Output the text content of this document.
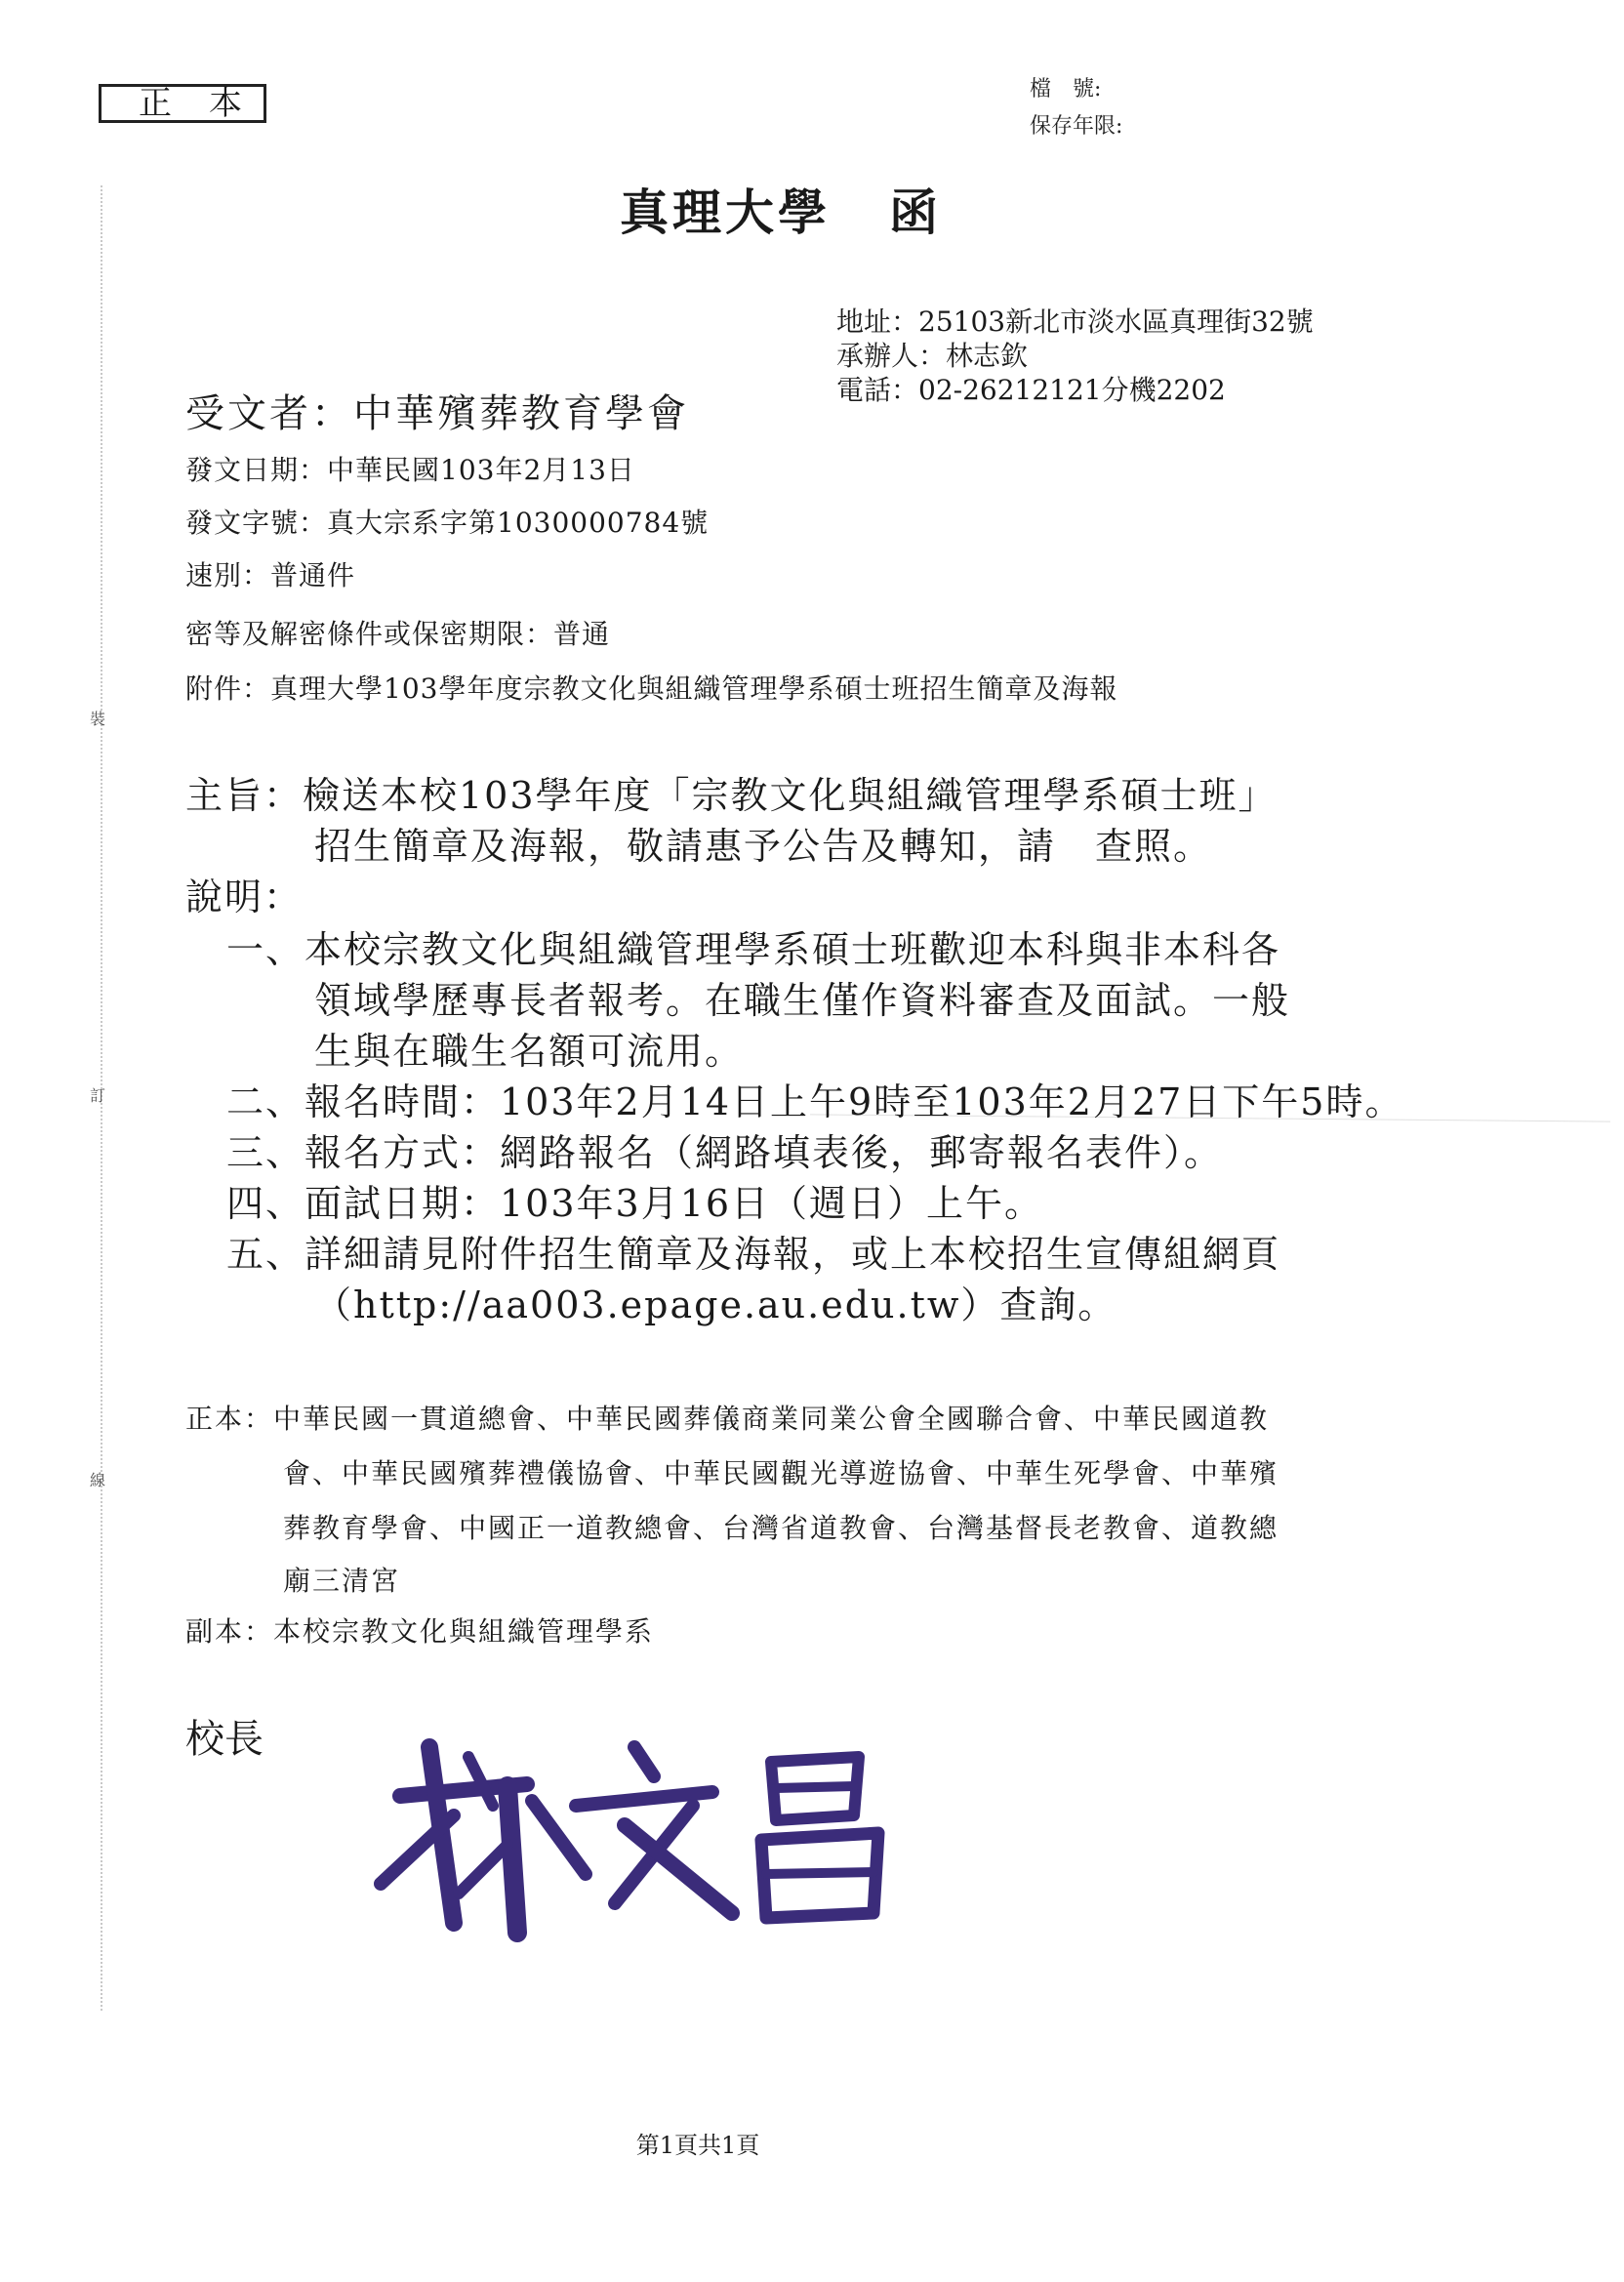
裝
訂
線
正本	檔　號:
保存年限:
真理大學 函
地址：25103新北市淡水區真理街32號
承辦人：林志欽
電話：02-26212121分機2202
受文者：中華殯葬教育學會
發文日期：中華民國103年2月13日
發文字號：真大宗系字第1030000784號
速別：普通件
密等及解密條件或保密期限：普通
附件：真理大學103學年度宗教文化與組織管理學系碩士班招生簡章及海報
主旨：檢送本校103學年度「宗教文化與組織管理學系碩士班」
招生簡章及海報，敬請惠予公告及轉知，請　查照。
說明：
一、本校宗教文化與組織管理學系碩士班歡迎本科與非本科各
領域學歷專長者報考。在職生僅作資料審查及面試。一般
生與在職生名額可流用。
二、報名時間：103年2月14日上午9時至103年2月27日下午5時。
三、報名方式：網路報名（網路填表後，郵寄報名表件）。
四、面試日期：103年3月16日（週日）上午。
五、詳細請見附件招生簡章及海報，或上本校招生宣傳組網頁
（http://aa003.epage.au.edu.tw）查詢。
正本：中華民國一貫道總會、中華民國葬儀商業同業公會全國聯合會、中華民國道教
會、中華民國殯葬禮儀協會、中華民國觀光導遊協會、中華生死學會、中華殯
葬教育學會、中國正一道教總會、台灣省道教會、台灣基督長老教會、道教總
廟三清宮
副本：本校宗教文化與組織管理學系
校長
第1頁共1頁
